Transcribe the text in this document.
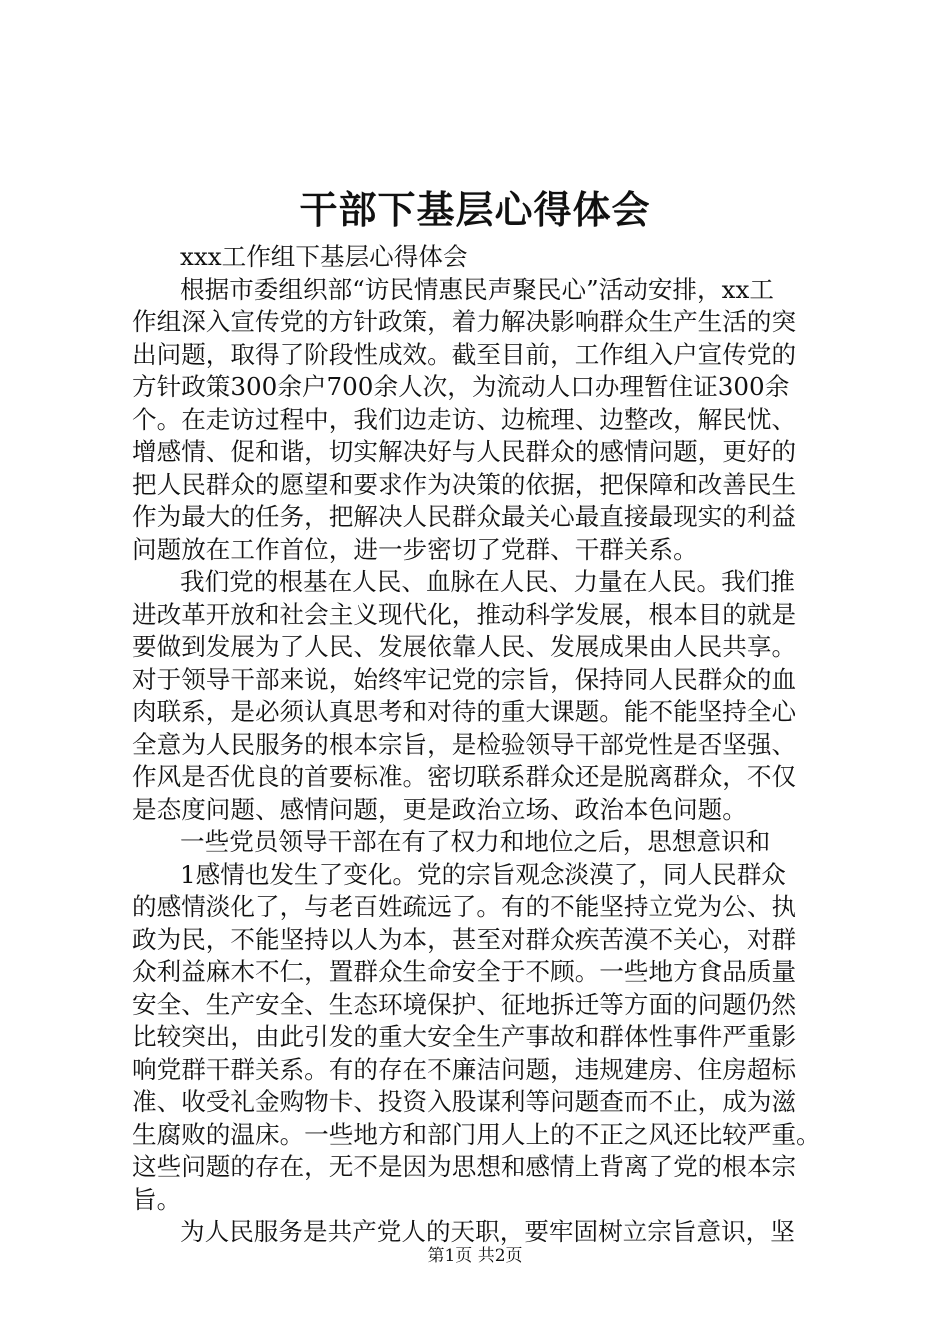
干部下基层心得体会
xxx工作组下基层心得体会
根据市委组织部“访民情惠民声聚民心”活动安排，xx工
作组深入宣传党的方针政策，着力解决影响群众生产生活的突
出问题，取得了阶段性成效。截至目前，工作组入户宣传党的
方针政策300余户700余人次，为流动人口办理暂住证300余
个。在走访过程中，我们边走访、边梳理、边整改，解民忧、
增感情、促和谐，切实解决好与人民群众的感情问题，更好的
把人民群众的愿望和要求作为决策的依据，把保障和改善民生
作为最大的任务，把解决人民群众最关心最直接最现实的利益
问题放在工作首位，进一步密切了党群、干群关系。
我们党的根基在人民、血脉在人民、力量在人民。我们推
进改革开放和社会主义现代化，推动科学发展，根本目的就是
要做到发展为了人民、发展依靠人民、发展成果由人民共享。
对于领导干部来说，始终牢记党的宗旨，保持同人民群众的血
肉联系，是必须认真思考和对待的重大课题。能不能坚持全心
全意为人民服务的根本宗旨，是检验领导干部党性是否坚强、
作风是否优良的首要标准。密切联系群众还是脱离群众，不仅
是态度问题、感情问题，更是政治立场、政治本色问题。
一些党员领导干部在有了权力和地位之后，思想意识和
1感情也发生了变化。党的宗旨观念淡漠了，同人民群众
的感情淡化了，与老百姓疏远了。有的不能坚持立党为公、执
政为民，不能坚持以人为本，甚至对群众疾苦漠不关心，对群
众利益麻木不仁，置群众生命安全于不顾。一些地方食品质量
安全、生产安全、生态环境保护、征地拆迁等方面的问题仍然
比较突出，由此引发的重大安全生产事故和群体性事件严重影
响党群干群关系。有的存在不廉洁问题，违规建房、住房超标
准、收受礼金购物卡、投资入股谋利等问题查而不止，成为滋
生腐败的温床。一些地方和部门用人上的不正之风还比较严重。
这些问题的存在，无不是因为思想和感情上背离了党的根本宗
旨。
为人民服务是共产党人的天职，要牢固树立宗旨意识，坚
第1页 共2页
